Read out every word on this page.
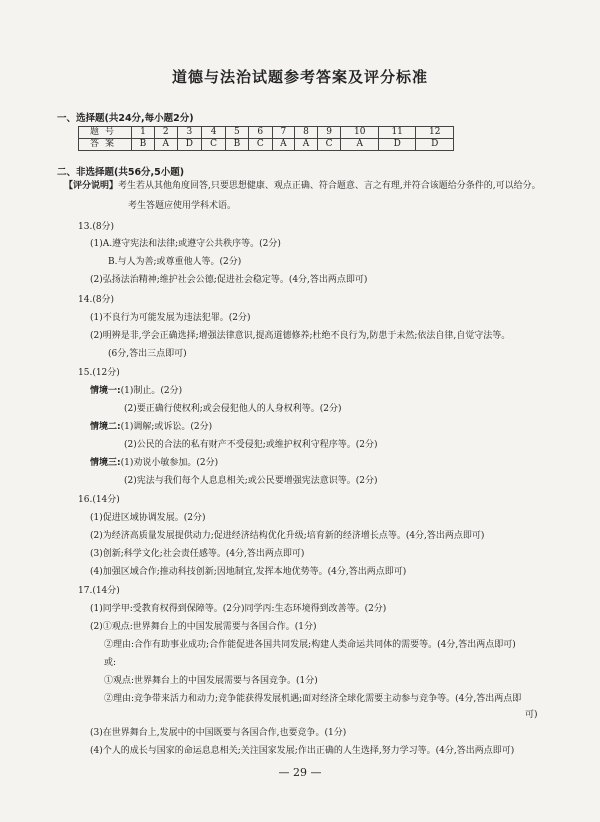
道德与法治试题参考答案及评分标准
一、选择题(共24分,每小题2分)
题号	1	2	3	4	5	6	7	8	9	10	11	12
答案	B	A	D	C	B	C	A	A	C	A	D	D
二、非选择题(共56分,5小题)
【评分说明】考生若从其他角度回答,只要思想健康、观点正确、符合题意、言之有理,并符合该题给分条件的,可以给分。
考生答题应使用学科术语。
13.(8分)
(1)A.遵守宪法和法律;或遵守公共秩序等。(2分)
B.与人为善;或尊重他人等。(2分)
(2)弘扬法治精神;维护社会公德;促进社会稳定等。(4分,答出两点即可)
14.(8分)
(1)不良行为可能发展为违法犯罪。(2分)
(2)明辨是非,学会正确选择;增强法律意识,提高道德修养;杜绝不良行为,防患于未然;依法自律,自觉守法等。
(6分,答出三点即可)
15.(12分)
情境一:(1)制止。(2分)
(2)要正确行使权利;或会侵犯他人的人身权利等。(2分)
情境二:(1)调解;或诉讼。(2分)
(2)公民的合法的私有财产不受侵犯;或维护权利守程序等。(2分)
情境三:(1)劝说小敏参加。(2分)
(2)宪法与我们每个人息息相关;或公民要增强宪法意识等。(2分)
16.(14分)
(1)促进区域协调发展。(2分)
(2)为经济高质量发展提供动力;促进经济结构优化升级;培育新的经济增长点等。(4分,答出两点即可)
(3)创新;科学文化;社会责任感等。(4分,答出两点即可)
(4)加强区域合作;推动科技创新;因地制宜,发挥本地优势等。(4分,答出两点即可)
17.(14分)
(1)同学甲:受教育权得到保障等。(2分)同学丙:生态环境得到改善等。(2分)
(2)①观点:世界舞台上的中国发展需要与各国合作。(1分)
②理由:合作有助事业成功;合作能促进各国共同发展;构建人类命运共同体的需要等。(4分,答出两点即可)
或:
①观点:世界舞台上的中国发展需要与各国竞争。(1分)
②理由:竞争带来活力和动力;竞争能获得发展机遇;面对经济全球化需要主动参与竞争等。(4分,答出两点即
可)
(3)在世界舞台上,发展中的中国既要与各国合作,也要竞争。(1分)
(4)个人的成长与国家的命运息息相关;关注国家发展;作出正确的人生选择,努力学习等。(4分,答出两点即可)
— 29 —
